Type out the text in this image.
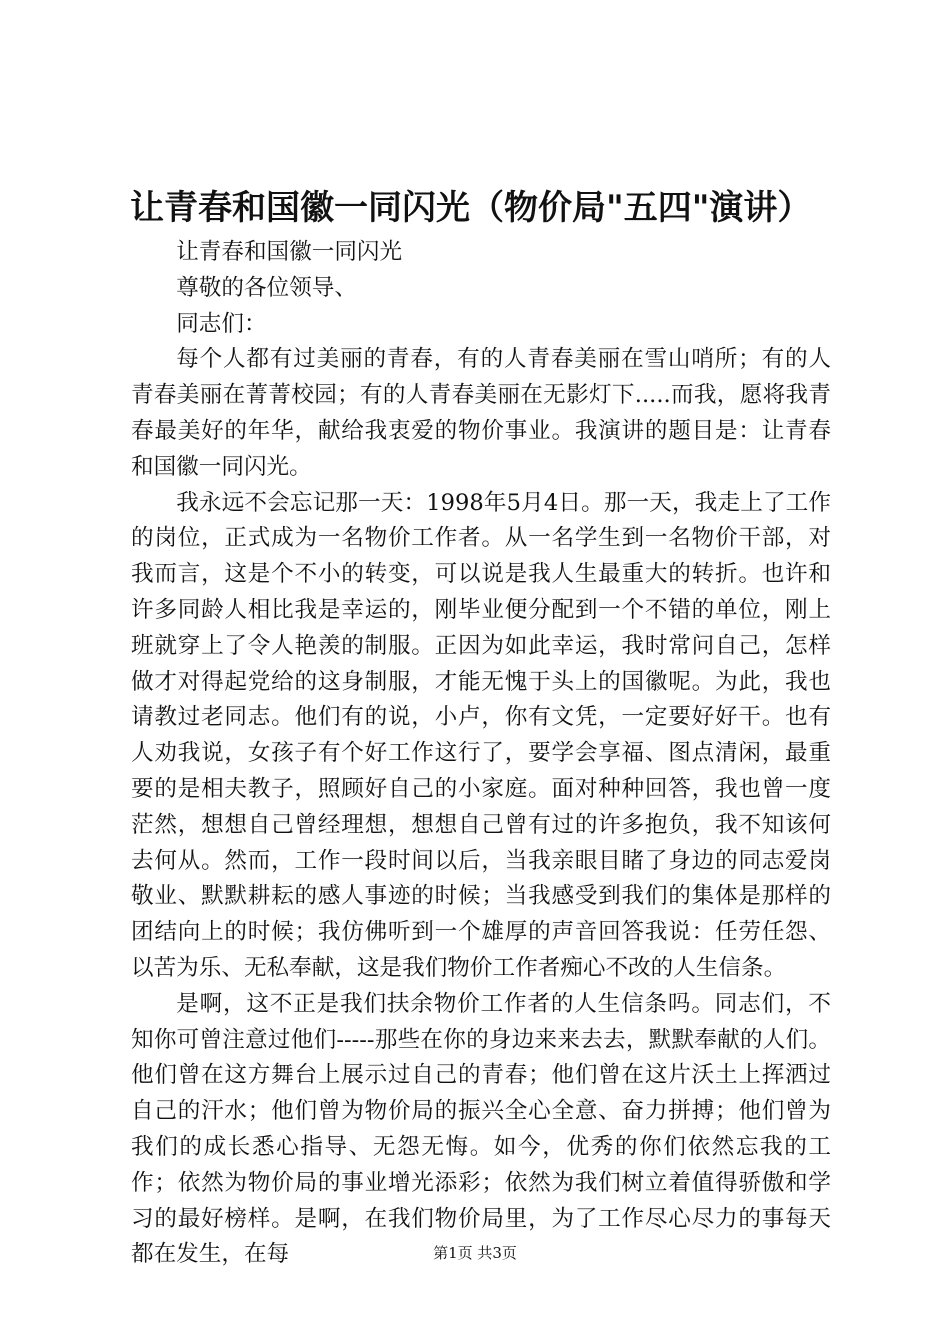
让青春和国徽一同闪光（物价局"五四"演讲）

让青春和国徽一同闪光

尊敬的各位领导、

同志们：

每个人都有过美丽的青春，有的人青春美丽在雪山哨所；有的人青春美丽在菁菁校园；有的人青春美丽在无影灯下.....而我，愿将我青春最美好的年华，献给我衷爱的物价事业。我演讲的题目是：让青春和国徽一同闪光。

我永远不会忘记那一天：1998年5月4日。那一天，我走上了工作的岗位，正式成为一名物价工作者。从一名学生到一名物价干部，对我而言，这是个不小的转变，可以说是我人生最重大的转折。也许和许多同龄人相比我是幸运的，刚毕业便分配到一个不错的单位，刚上班就穿上了令人艳羡的制服。正因为如此幸运，我时常问自己，怎样做才对得起党给的这身制服，才能无愧于头上的国徽呢。为此，我也请教过老同志。他们有的说，小卢，你有文凭，一定要好好干。也有人劝我说，女孩子有个好工作这行了，要学会享福、图点清闲，最重要的是相夫教子，照顾好自己的小家庭。面对种种回答，我也曾一度茫然，想想自己曾经理想，想想自己曾有过的许多抱负，我不知该何去何从。然而，工作一段时间以后，当我亲眼目睹了身边的同志爱岗敬业、默默耕耘的感人事迹的时候；当我感受到我们的集体是那样的团结向上的时候；我仿佛听到一个雄厚的声音回答我说：任劳任怨、以苦为乐、无私奉献，这是我们物价工作者痴心不改的人生信条。

是啊，这不正是我们扶余物价工作者的人生信条吗。同志们，不知你可曾注意过他们-----那些在你的身边来来去去，默默奉献的人们。他们曾在这方舞台上展示过自己的青春；他们曾在这片沃土上挥洒过自己的汗水；他们曾为物价局的振兴全心全意、奋力拼搏；他们曾为我们的成长悉心指导、无怨无悔。如今，优秀的你们依然忘我的工作；依然为物价局的事业增光添彩；依然为我们树立着值得骄傲和学习的最好榜样。是啊，在我们物价局里，为了工作尽心尽力的事每天都在发生，在每	第1页 共3页
